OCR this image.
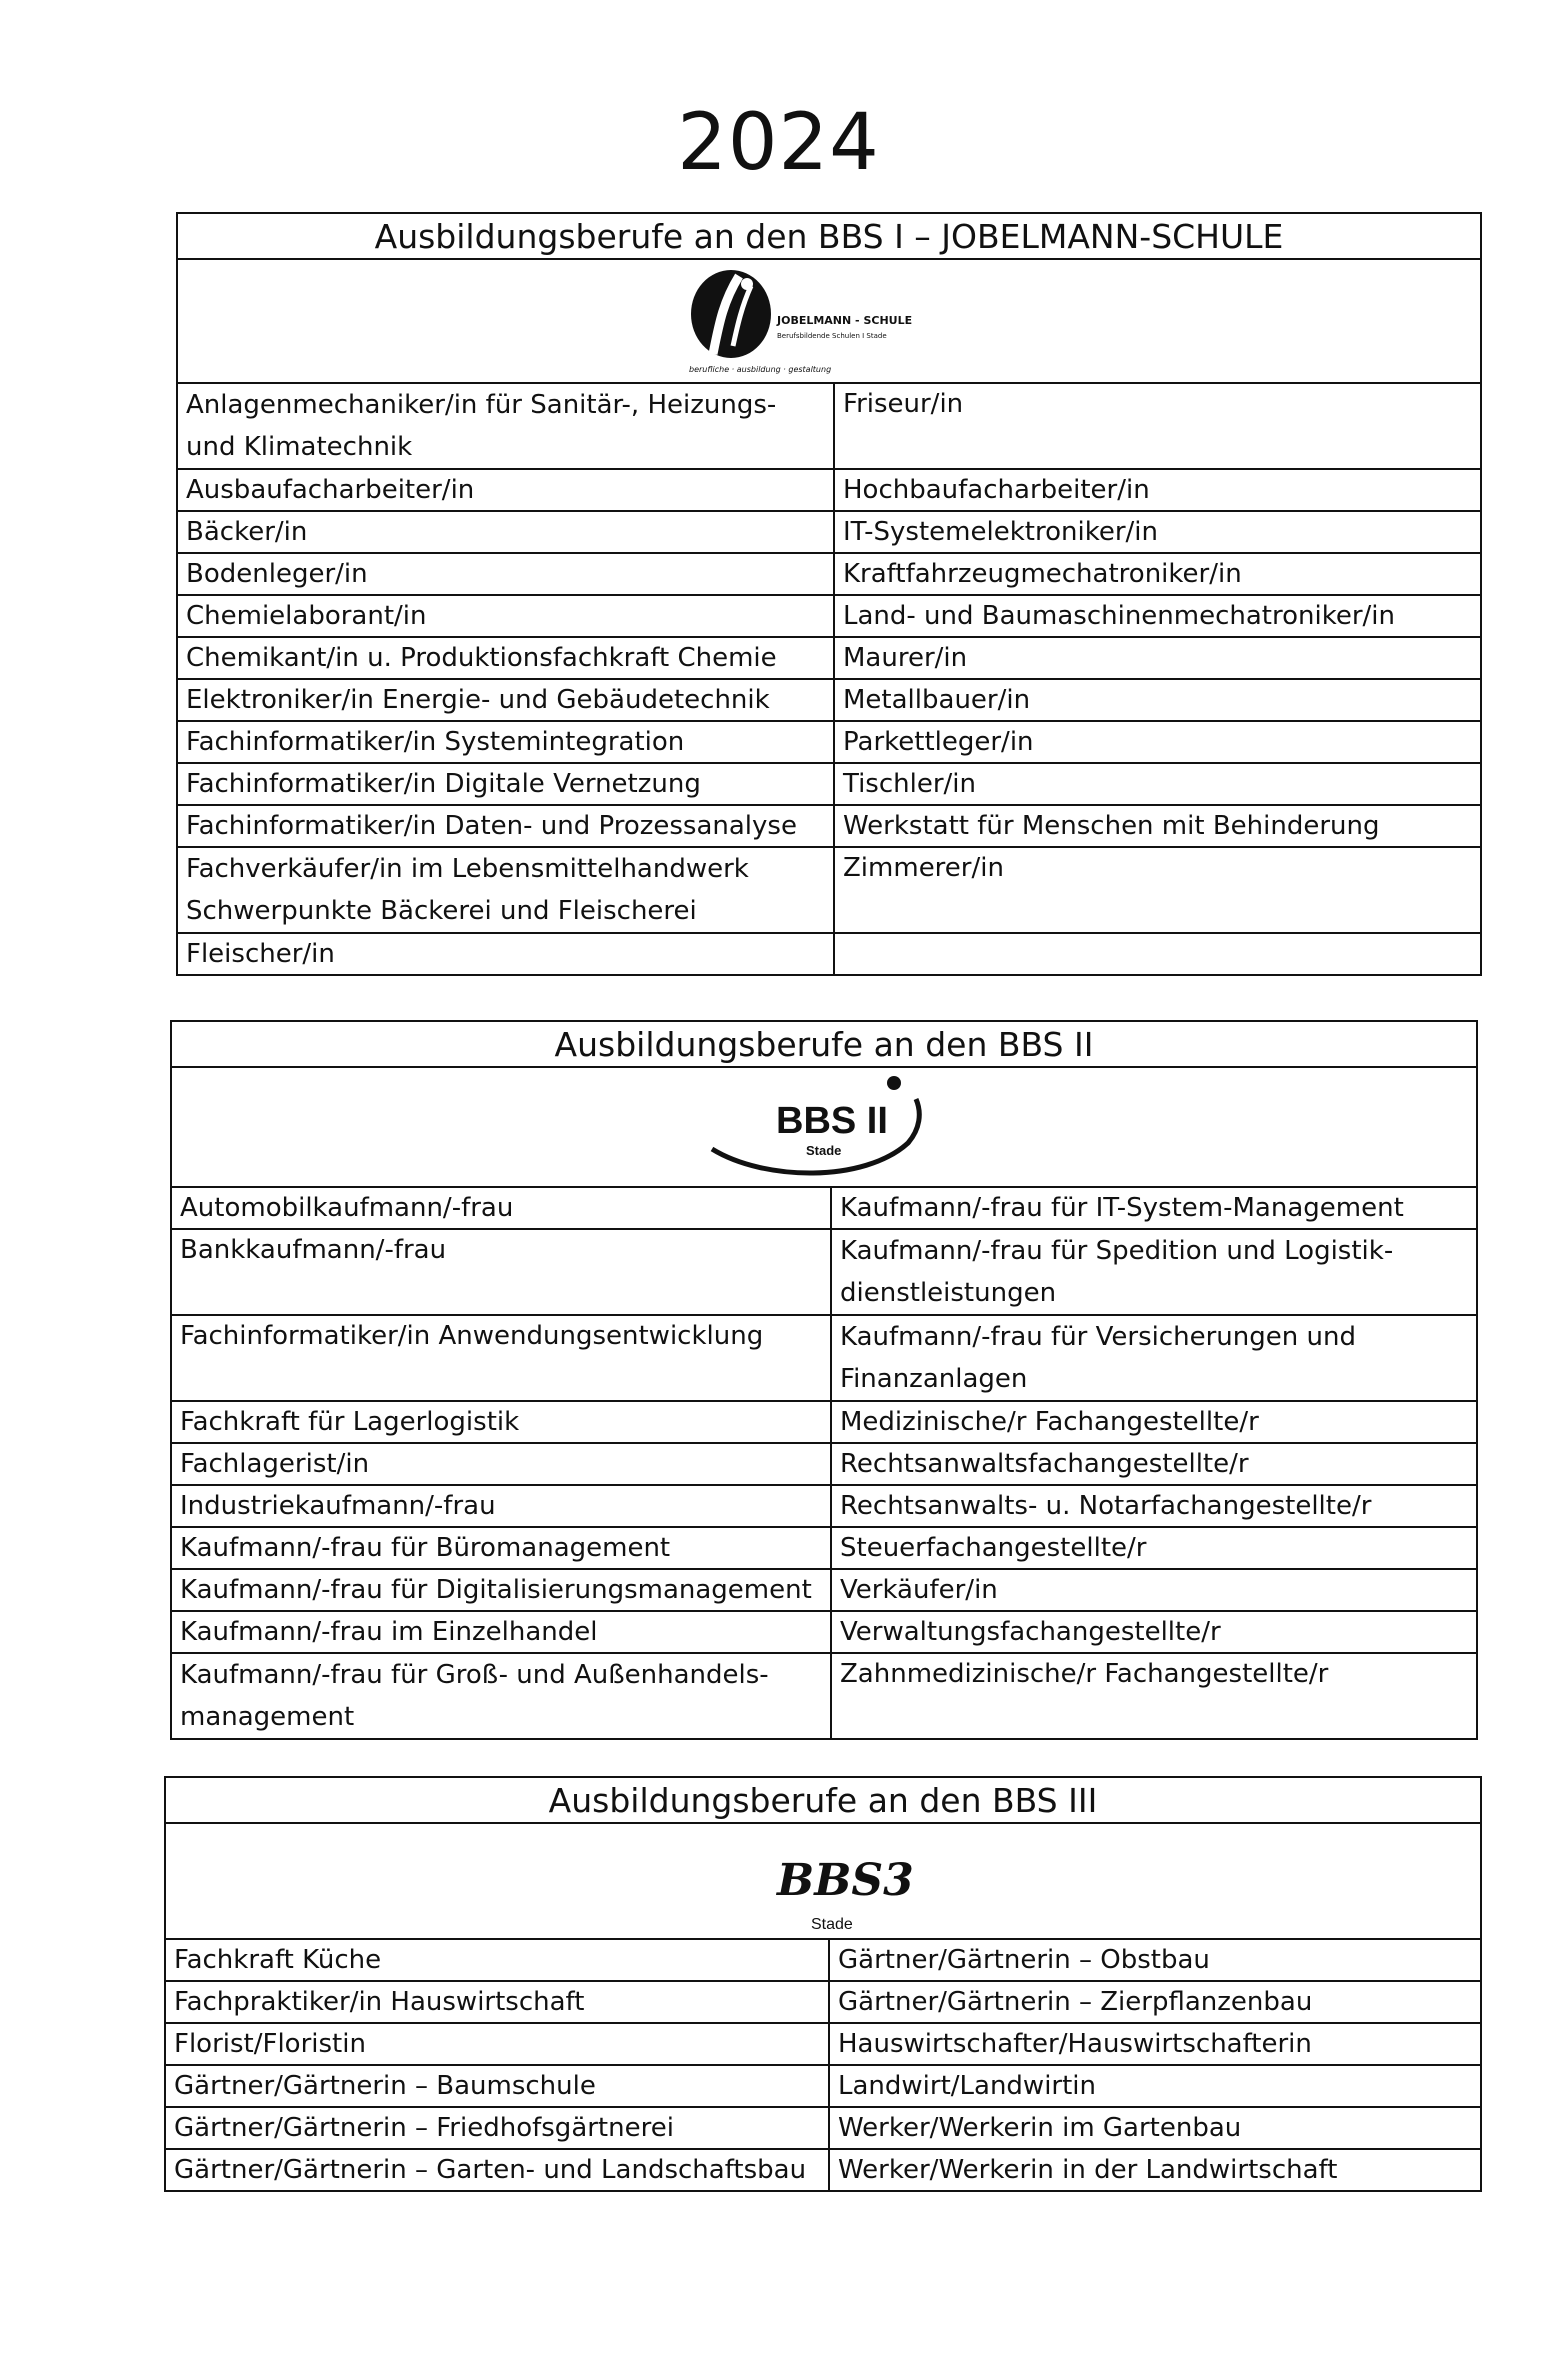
2024
Ausbildungsberufe an den BBS I – JOBELMANN-SCHULE	

JOBELMANN - SCHULE
Berufsbildende Schulen I Stade
berufliche · ausbildung · gestaltung	

Anlagenmechaniker/in für Sanitär-, Heizungs- und Klimatechnik	Friseur/in
Ausbaufacharbeiter/in	Hochbaufacharbeiter/in
Bäcker/in	IT-Systemelektroniker/in
Bodenleger/in	Kraftfahrzeugmechatroniker/in
Chemielaborant/in	Land- und Baumaschinenmechatroniker/in
Chemikant/in u. Produktionsfachkraft Chemie	Maurer/in
Elektroniker/in Energie- und Gebäudetechnik	Metallbauer/in
Fachinformatiker/in Systemintegration	Parkettleger/in
Fachinformatiker/in Digitale Vernetzung	Tischler/in
Fachinformatiker/in Daten- und Prozessanalyse	Werkstatt für Menschen mit Behinderung
Fachverkäufer/in im Lebensmittelhandwerk Schwerpunkte Bäckerei und Fleischerei	Zimmerer/in
Fleischer/in	
Ausbildungsberufe an den BBS II	

BBS II
Stade	

Automobilkaufmann/-frau	Kaufmann/-frau für IT-System-Management
Bankkaufmann/-frau	Kaufmann/-frau für Spedition und Logistik-dienstleistungen
Fachinformatiker/in Anwendungsentwicklung	Kaufmann/-frau für Versicherungen und Finanzanlagen
Fachkraft für Lagerlogistik	Medizinische/r Fachangestellte/r
Fachlagerist/in	Rechtsanwaltsfachangestellte/r
Industriekaufmann/-frau	Rechtsanwalts- u. Notarfachangestellte/r
Kaufmann/-frau für Büromanagement	Steuerfachangestellte/r
Kaufmann/-frau für Digitalisierungsmanagement	Verkäufer/in
Kaufmann/-frau im Einzelhandel	Verwaltungsfachangestellte/r
Kaufmann/-frau für Groß- und Außenhandels-management	Zahnmedizinische/r Fachangestellte/r
Ausbildungsberufe an den BBS III	

BBS3
Stade	

Fachkraft Küche	Gärtner/Gärtnerin – Obstbau
Fachpraktiker/in Hauswirtschaft	Gärtner/Gärtnerin – Zierpflanzenbau
Florist/Floristin	Hauswirtschafter/Hauswirtschafterin
Gärtner/Gärtnerin – Baumschule	Landwirt/Landwirtin
Gärtner/Gärtnerin – Friedhofsgärtnerei	Werker/Werkerin im Gartenbau
Gärtner/Gärtnerin – Garten- und Landschaftsbau	Werker/Werkerin in der Landwirtschaft
